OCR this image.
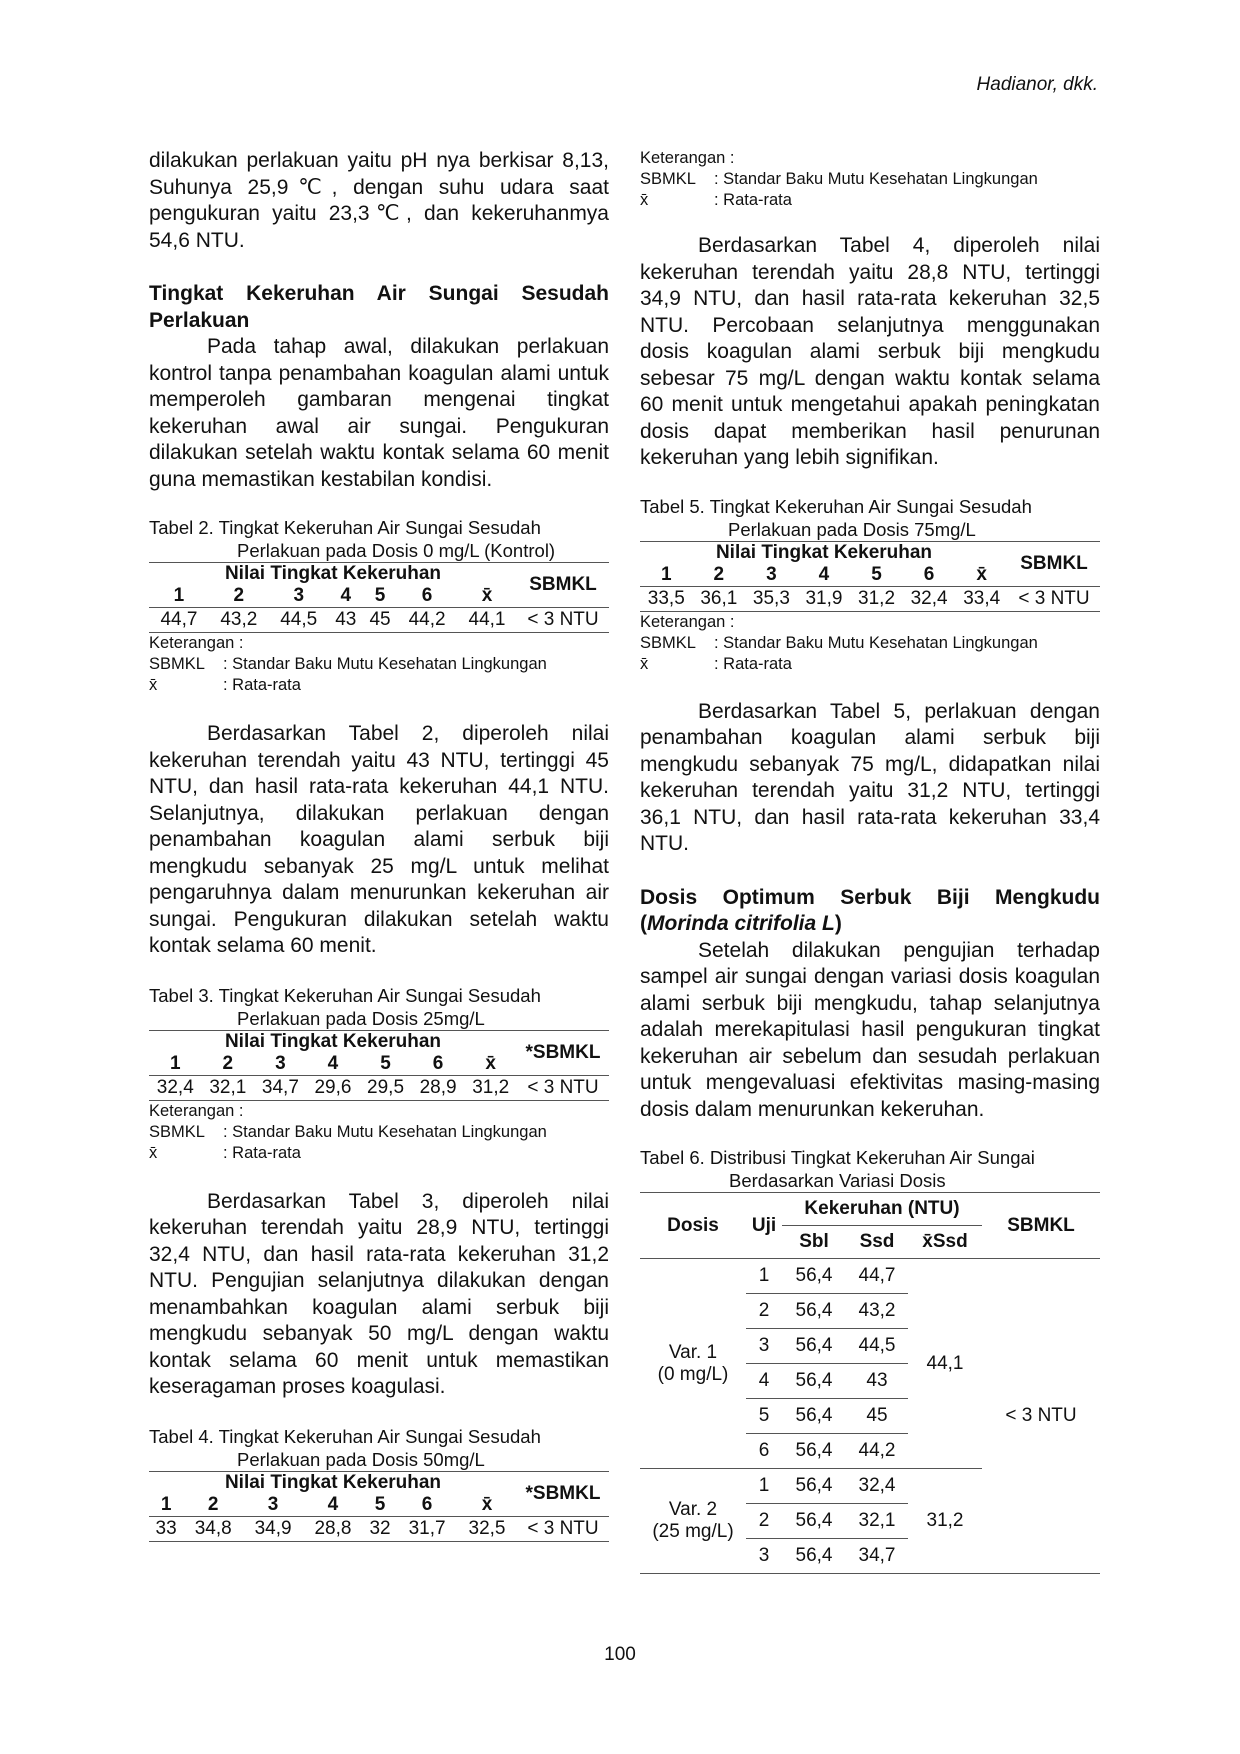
Hadianor, dkk.

dilakukan perlakuan yaitu pH nya berkisar 8,13, Suhunya 25,9℃, dengan suhu udara saat pengukuran yaitu 23,3℃, dan kekeruhanmya 54,6 NTU.

Tingkat Kekeruhan Air Sungai Sesudah Perlakuan

Pada tahap awal, dilakukan perlakuan kontrol tanpa penambahan koagulan alami untuk memperoleh gambaran mengenai tingkat kekeruhan awal air sungai. Pengukuran dilakukan setelah waktu kontak selama 60 menit guna memastikan kestabilan kondisi.

Tabel 2. Tingkat Kekeruhan Air Sungai Sesudah
Perlakuan pada Dosis 0 mg/L (Kontrol)
Nilai Tingkat Kekeruhan							SBMKL
1	2	3	4	5	6	x̄	
44,7	43,2	44,5	43	45	44,2	44,1	< 3 NTU
Keterangan :
SBMKL : Standar Baku Mutu Kesehatan Lingkungan
x̄	: Rata-rata

Berdasarkan Tabel 2, diperoleh nilai kekeruhan terendah yaitu 43 NTU, tertinggi 45 NTU, dan hasil rata-rata kekeruhan 44,1 NTU. Selanjutnya, dilakukan perlakuan dengan penambahan koagulan alami serbuk biji mengkudu sebanyak 25 mg/L untuk melihat pengaruhnya dalam menurunkan kekeruhan air sungai. Pengukuran dilakukan setelah waktu kontak selama 60 menit.

Tabel 3. Tingkat Kekeruhan Air Sungai Sesudah
Perlakuan pada Dosis 25mg/L
Nilai Tingkat Kekeruhan							*SBMKL
1	2	3	4	5	6	x̄	
32,4	32,1	34,7	29,6	29,5	28,9	31,2	< 3 NTU
Keterangan :
SBMKL : Standar Baku Mutu Kesehatan Lingkungan
x̄	: Rata-rata

Berdasarkan Tabel 3, diperoleh nilai kekeruhan terendah yaitu 28,9 NTU, tertinggi 32,4 NTU, dan hasil rata-rata kekeruhan 31,2 NTU. Pengujian selanjutnya dilakukan dengan menambahkan koagulan alami serbuk biji mengkudu sebanyak 50 mg/L dengan waktu kontak selama 60 menit untuk memastikan keseragaman proses koagulasi.

Tabel 4. Tingkat Kekeruhan Air Sungai Sesudah
Perlakuan pada Dosis 50mg/L
Nilai Tingkat Kekeruhan							*SBMKL
1	2	3	4	5	6	x̄	
33	34,8	34,9	28,8	32	31,7	32,5	< 3 NTU
Keterangan :
SBMKL : Standar Baku Mutu Kesehatan Lingkungan
x̄	: Rata-rata

Berdasarkan Tabel 4, diperoleh nilai kekeruhan terendah yaitu 28,8 NTU, tertinggi 34,9 NTU, dan hasil rata-rata kekeruhan 32,5 NTU. Percobaan selanjutnya menggunakan dosis koagulan alami serbuk biji mengkudu sebesar 75 mg/L dengan waktu kontak selama 60 menit untuk mengetahui apakah peningkatan dosis dapat memberikan hasil penurunan kekeruhan yang lebih signifikan.

Tabel 5. Tingkat Kekeruhan Air Sungai Sesudah
Perlakuan pada Dosis 75mg/L
Nilai Tingkat Kekeruhan							SBMKL
1	2	3	4	5	6	x̄	
33,5	36,1	35,3	31,9	31,2	32,4	33,4	< 3 NTU
Keterangan :
SBMKL : Standar Baku Mutu Kesehatan Lingkungan
x̄	: Rata-rata

Berdasarkan Tabel 5, perlakuan dengan penambahan koagulan alami serbuk biji mengkudu sebanyak 75 mg/L, didapatkan nilai kekeruhan terendah yaitu 31,2 NTU, tertinggi 36,1 NTU, dan hasil rata-rata kekeruhan 33,4 NTU.

Dosis Optimum Serbuk Biji Mengkudu (Morinda citrifolia L)

Setelah dilakukan pengujian terhadap sampel air sungai dengan variasi dosis koagulan alami serbuk biji mengkudu, tahap selanjutnya adalah merekapitulasi hasil pengukuran tingkat kekeruhan air sebelum dan sesudah perlakuan untuk mengevaluasi efektivitas masing-masing dosis dalam menurunkan kekeruhan.

Tabel 6. Distribusi Tingkat Kekeruhan Air Sungai
Berdasarkan Variasi Dosis
Dosis	Uji	Kekeruhan (NTU)			SBMKL
		Sbl	Ssd	x̄Ssd	
Var. 1
(0 mg/L)	1	56,4	44,7	44,1	< 3 NTU
	2	56,4	43,2		
	3	56,4	44,5		
	4	56,4	43		
	5	56,4	45		
	6	56,4	44,2		
Var. 2
(25 mg/L)	1	56,4	32,4	31,2	
	2	56,4	32,1		
	3	56,4	34,7		
100
